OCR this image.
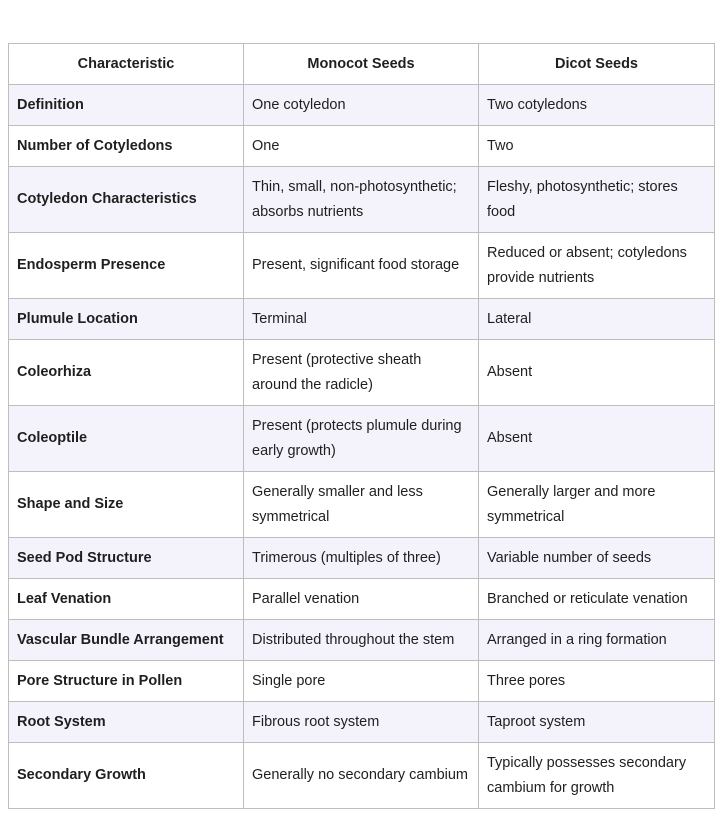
Characteristic	Monocot Seeds	Dicot Seeds
Definition	One cotyledon	Two cotyledons
Number of Cotyledons	One	Two
Cotyledon Characteristics	Thin, small, non-photosynthetic; absorbs nutrients	Fleshy, photosynthetic; stores food
Endosperm Presence	Present, significant food storage	Reduced or absent; cotyledons provide nutrients
Plumule Location	Terminal	Lateral
Coleorhiza	Present (protective sheath around the radicle)	Absent
Coleoptile	Present (protects plumule during early growth)	Absent
Shape and Size	Generally smaller and less symmetrical	Generally larger and more symmetrical
Seed Pod Structure	Trimerous (multiples of three)	Variable number of seeds
Leaf Venation	Parallel venation	Branched or reticulate venation
Vascular Bundle Arrangement	Distributed throughout the stem	Arranged in a ring formation
Pore Structure in Pollen	Single pore	Three pores
Root System	Fibrous root system	Taproot system
Secondary Growth	Generally no secondary cambium	Typically possesses secondary cambium for growth
